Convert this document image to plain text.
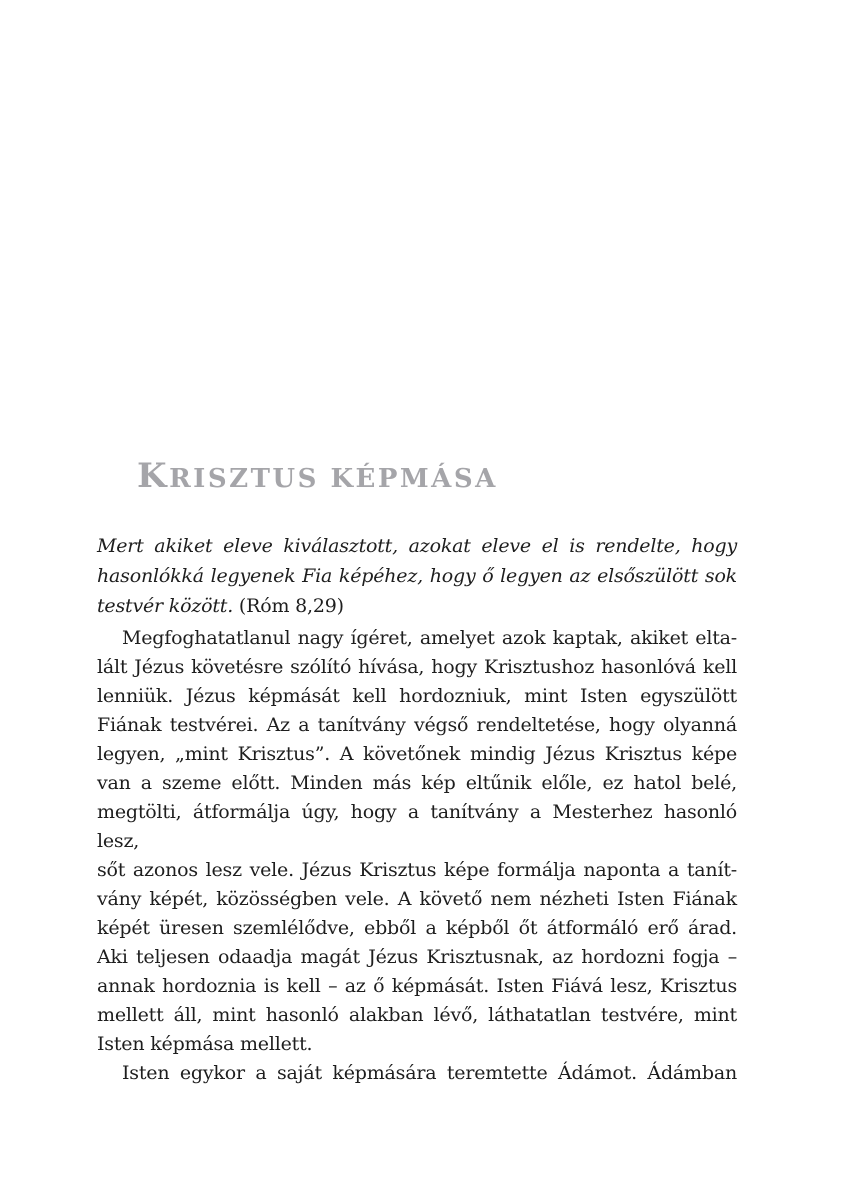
KRISZTUS KÉPMÁSA
Mert akiket eleve kiválasztott, azokat eleve el is rendelte, hogy
hasonlókká legyenek Fia képéhez, hogy ő legyen az elsőszülött sok
testvér között. (Róm 8,29)
Megfoghatatlanul nagy ígéret, amelyet azok kaptak, akiket elta-
lált Jézus követésre szólító hívása, hogy Krisztushoz hasonlóvá kell
lenniük. Jézus képmását kell hordozniuk, mint Isten egyszülött
Fiának testvérei. Az a tanítvány végső rendeltetése, hogy olyanná
legyen, „mint Krisztus”. A követőnek mindig Jézus Krisztus képe
van a szeme előtt. Minden más kép eltűnik előle, ez hatol belé,
megtölti, átformálja úgy, hogy a tanítvány a Mesterhez hasonló lesz,
sőt azonos lesz vele. Jézus Krisztus képe formálja naponta a tanít-
vány képét, közösségben vele. A követő nem nézheti Isten Fiának
képét üresen szemlélődve, ebből a képből őt átformáló erő árad.
Aki teljesen odaadja magát Jézus Krisztusnak, az hordozni fogja –
annak hordoznia is kell – az ő képmását. Isten Fiává lesz, Krisztus
mellett áll, mint hasonló alakban lévő, láthatatlan testvére, mint
Isten képmása mellett.
Isten egykor a saját képmására teremtette Ádámot. Ádámban
